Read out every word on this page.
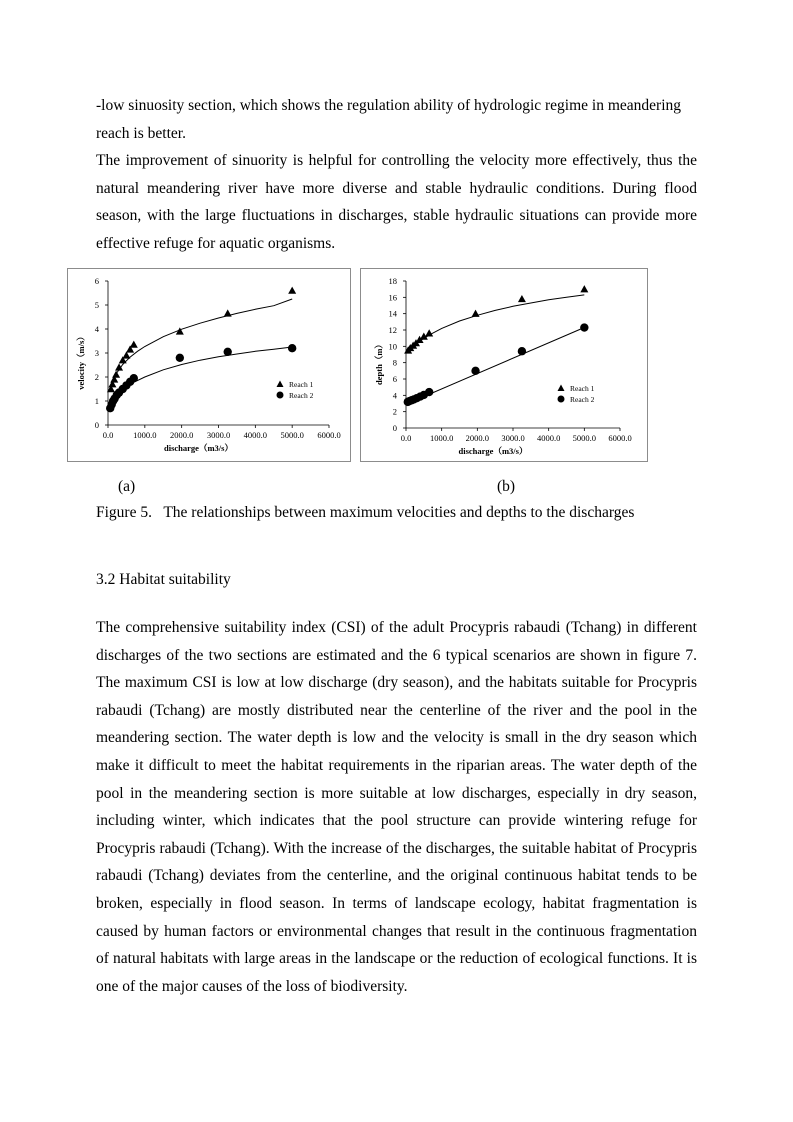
-low sinuosity section, which shows the regulation ability of hydrologic regime in meandering reach is better.

The improvement of sinuority is helpful for controlling the velocity more effectively, thus the natural meandering river have more diverse and stable hydraulic conditions. During flood season, with the large fluctuations in discharges, stable hydraulic situations can provide more effective refuge for aquatic organisms.

0.0 1000.0 2000.0 3000.0 4000.0 5000.0 6000.0
0
1
2
3
4
5
6
discharge（m3/s）
velocity（m/s）	Reach 1
Reach 2
0.0 1000.0 2000.0 3000.0 4000.0 5000.0 6000.0
0
2
4
6
8
10
12
14
16
18
discharge（m3/s）
depth（m）
Reach 1
Reach 2
(a)	(b)

Figure 5.   The relationships between maximum velocities and depths to the discharges

3.2 Habitat suitability

The comprehensive suitability index (CSI) of the adult Procypris rabaudi (Tchang) in different discharges of the two sections are estimated and the 6 typical scenarios are shown in figure 7. The maximum CSI is low at low discharge (dry season), and the habitats suitable for Procypris rabaudi (Tchang) are mostly distributed near the centerline of the river and the pool in the meandering section. The water depth is low and the velocity is small in the dry season which make it difficult to meet the habitat requirements in the riparian areas. The water depth of the pool in the meandering section is more suitable at low discharges, especially in dry season, including winter, which indicates that the pool structure can provide wintering refuge for Procypris rabaudi (Tchang). With the increase of the discharges, the suitable habitat of Procypris rabaudi (Tchang) deviates from the centerline, and the original continuous habitat tends to be broken, especially in flood season. In terms of landscape ecology, habitat fragmentation is caused by human factors or environmental changes that result in the continuous fragmentation of natural habitats with large areas in the landscape or the reduction of ecological functions. It is one of the major causes of the loss of biodiversity.
